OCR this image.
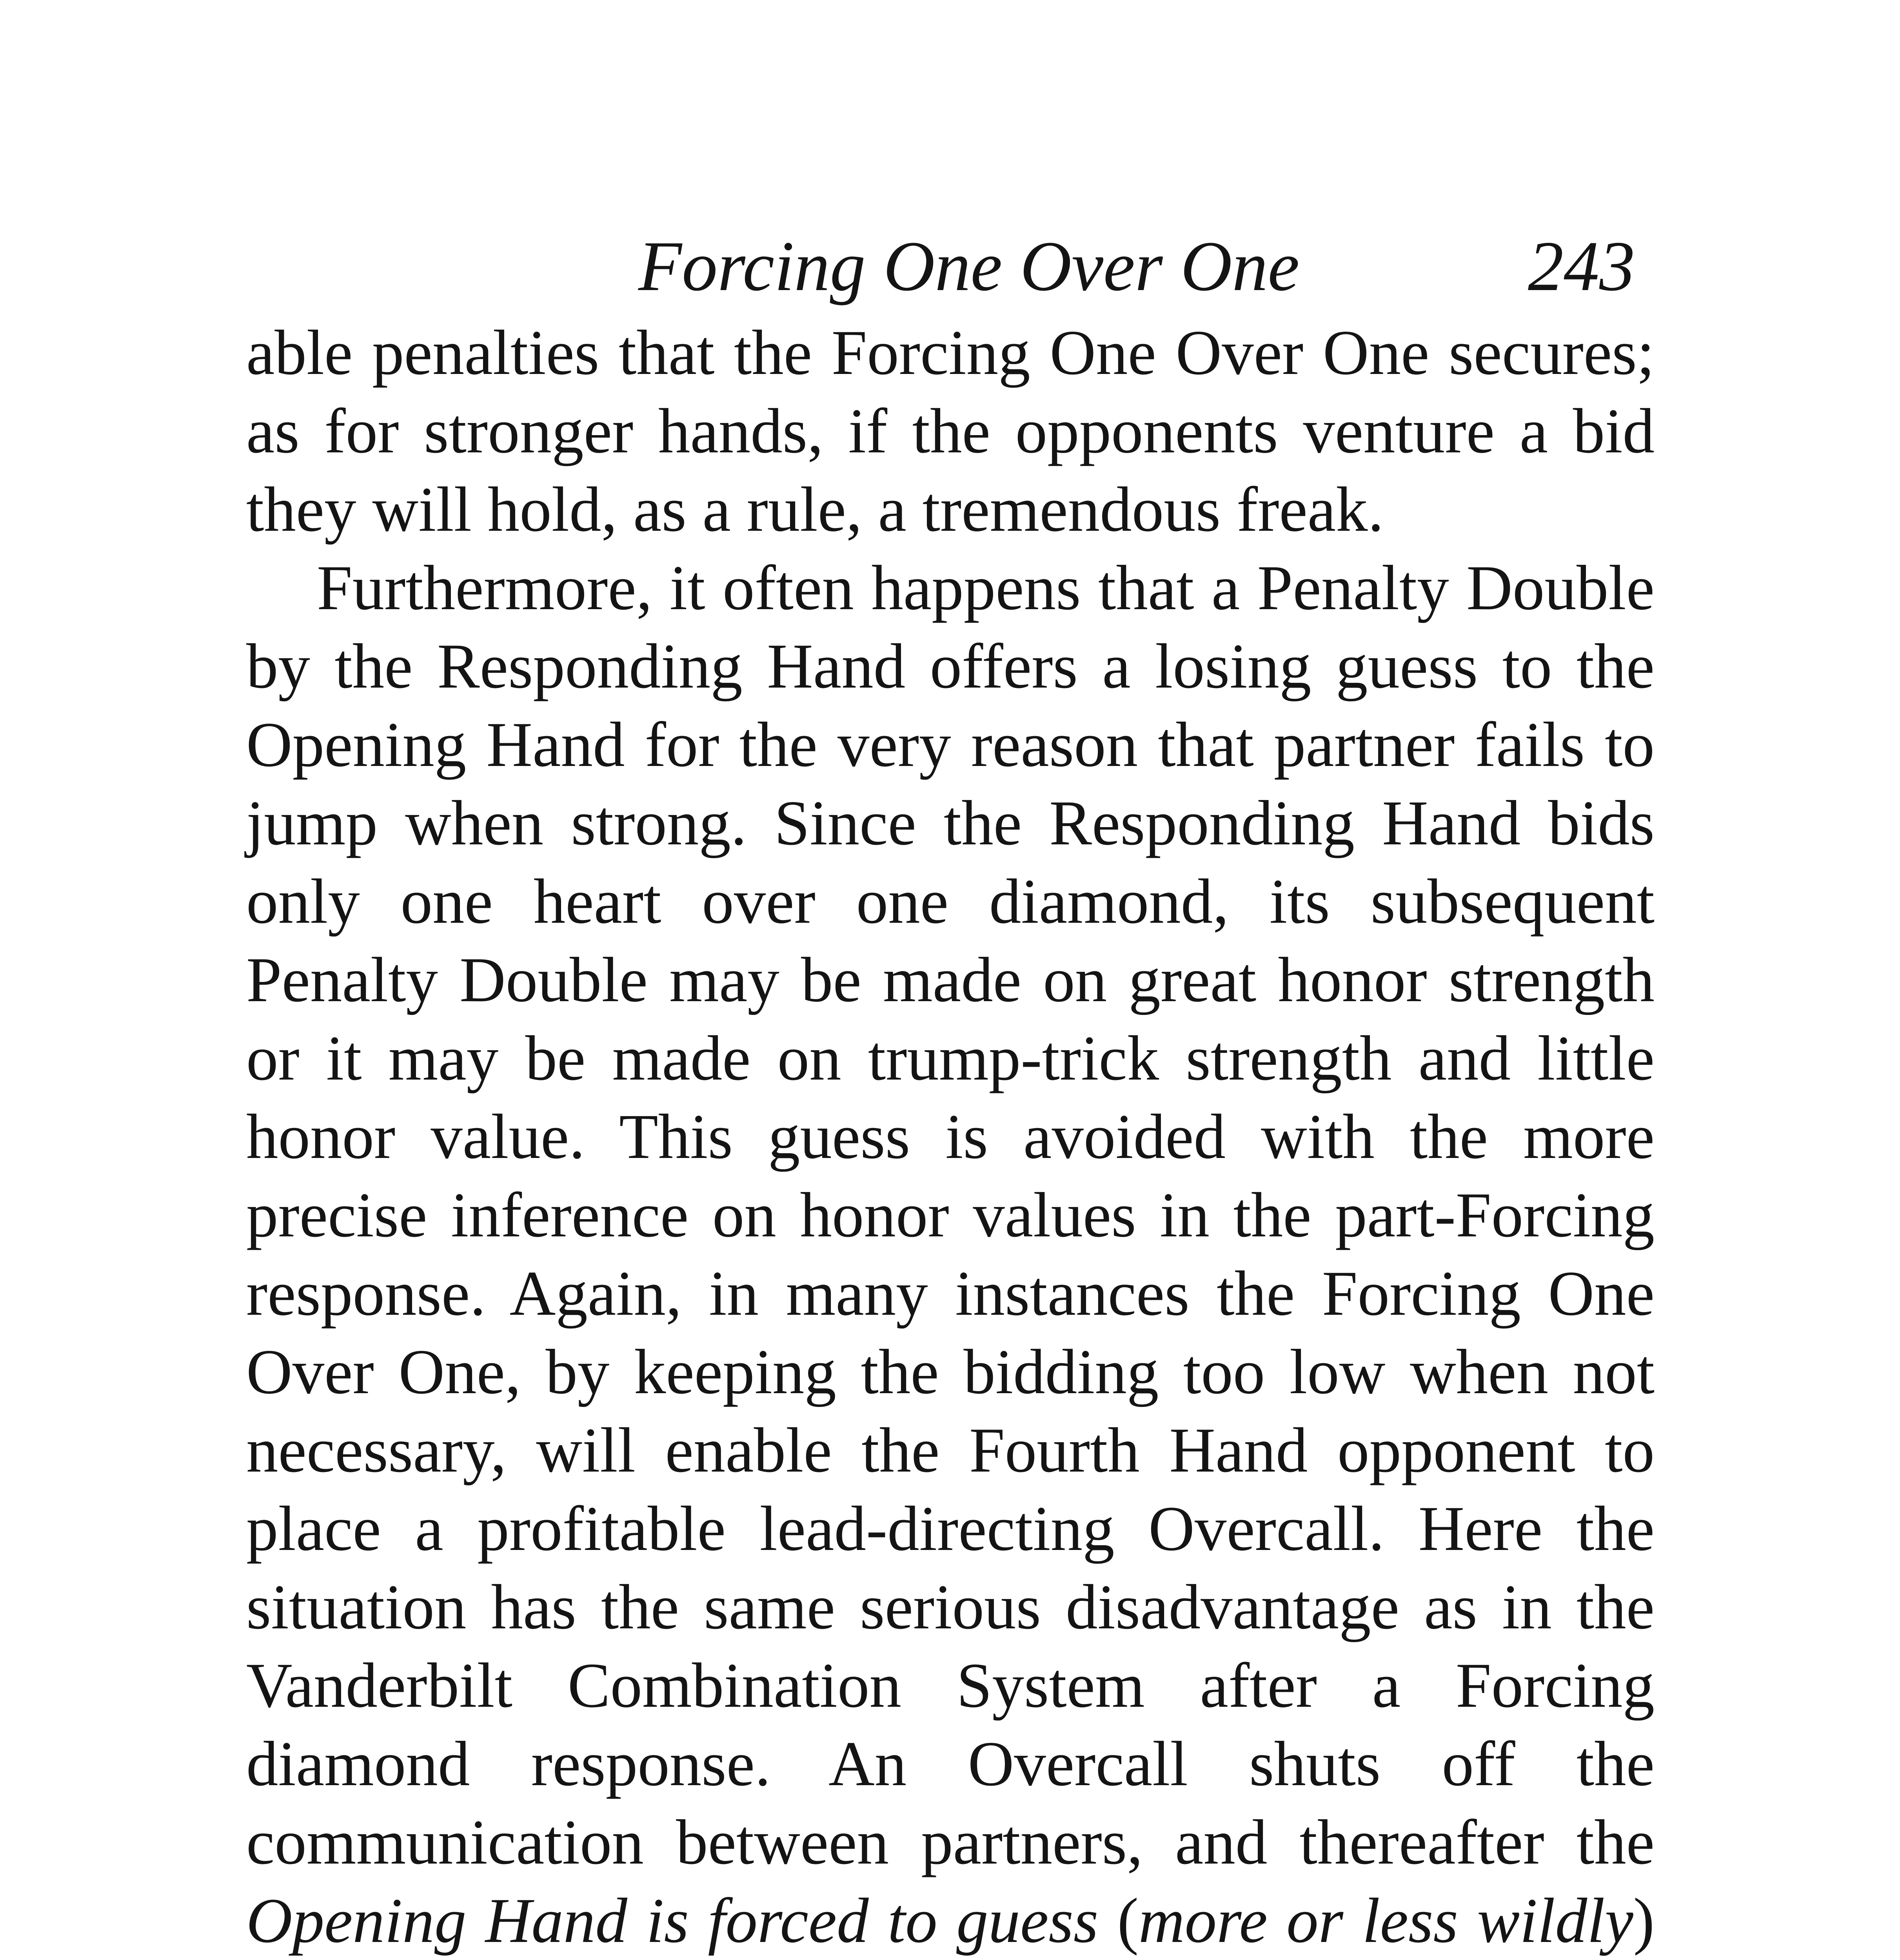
Forcing One Over One	243

able penalties that the Forcing One Over One secures; as for stronger hands, if the opponents venture a bid they will hold, as a rule, a tremendous freak.

Furthermore, it often happens that a Penalty Double by the Responding Hand offers a losing guess to the Opening Hand for the very reason that partner fails to jump when strong. Since the Responding Hand bids only one heart over one diamond, its subsequent Penalty Double may be made on great honor strength or it may be made on trump-trick strength and little honor value. This guess is avoided with the more precise inference on honor values in the part-Forcing response. Again, in many instances the Forcing One Over One, by keeping the bidding too low when not necessary, will enable the Fourth Hand opponent to place a profitable lead-directing Overcall. Here the situation has the same serious disadvantage as in the Vanderbilt Combination System after a Forcing diamond response. An Overcall shuts off the communication between partners, and thereafter the Opening Hand is forced to guess (more or less wildly)
